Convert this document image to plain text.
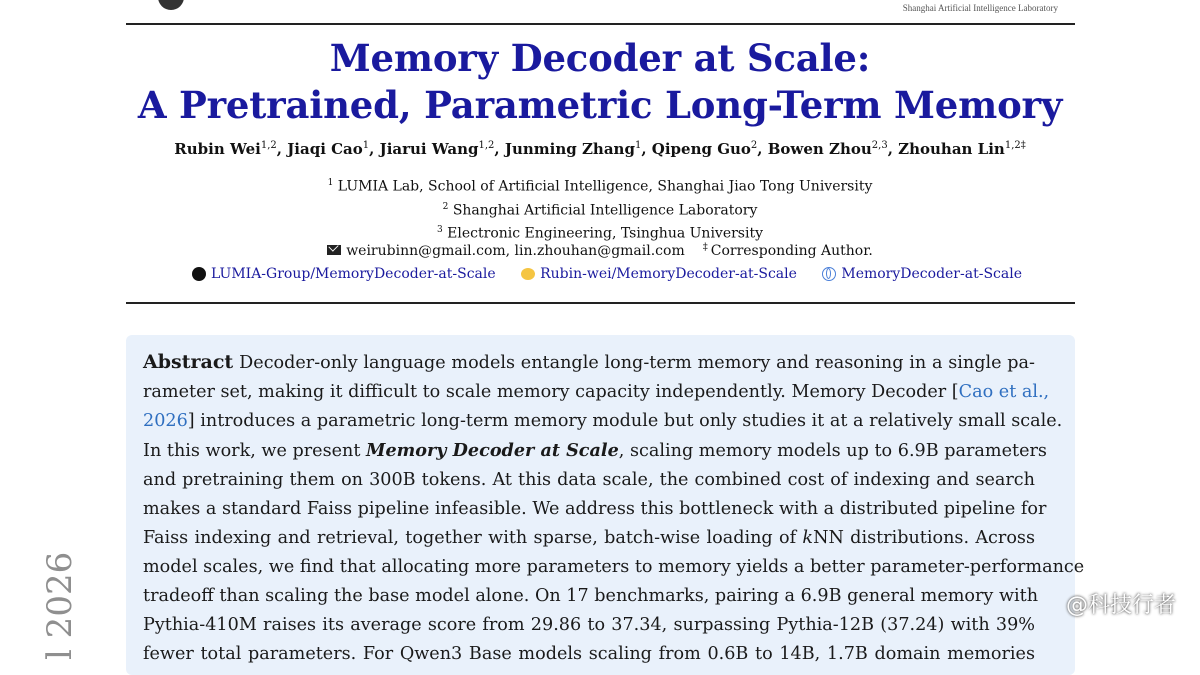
Shanghai Artificial Intelligence Laboratory
Memory Decoder at Scale:
A Pretrained, Parametric Long-Term Memory
Rubin Wei$^{1,2}$, Jiaqi Cao$^1$, Jiarui Wang$^{1,2}$, Junming Zhang$^1$, Qipeng Guo$^2$, Bowen Zhou$^{2,3}$, Zhouhan Lin$^{1,2\ddagger}$
$^1$ LUMIA Lab, School of Artificial Intelligence, Shanghai Jiao Tong University
$^2$ Shanghai Artificial Intelligence Laboratory
$^3$ Electronic Engineering, Tsinghua University
weirubinn@gmail.com, lin.zhouhan@gmail.com ‡ Corresponding Author.
LUMIA-Group/MemoryDecoder-at-Scale	Rubin-wei/MemoryDecoder-at-Scale	MemoryDecoder-at-Scale
Abstract Decoder-only language models entangle long-term memory and reasoning in a single pa-
rameter set, making it difficult to scale memory capacity independently. Memory Decoder [Cao et al.,
2026] introduces a parametric long-term memory module but only studies it at a relatively small scale.
In this work, we present Memory Decoder at Scale, scaling memory models up to 6.9B parameters
and pretraining them on 300B tokens. At this data scale, the combined cost of indexing and search
makes a standard Faiss pipeline infeasible. We address this bottleneck with a distributed pipeline for
Faiss indexing and retrieval, together with sparse, batch-wise loading of kNN distributions. Across
model scales, we find that allocating more parameters to memory yields a better parameter-performance
tradeoff than scaling the base model alone. On 17 benchmarks, pairing a 6.9B general memory with
Pythia-410M raises its average score from 29.86 to 37.34, surpassing Pythia-12B (37.24) with 39%
fewer total parameters. For Qwen3 Base models scaling from 0.6B to 14B, 1.7B domain memories
l 2026	@科技行者
